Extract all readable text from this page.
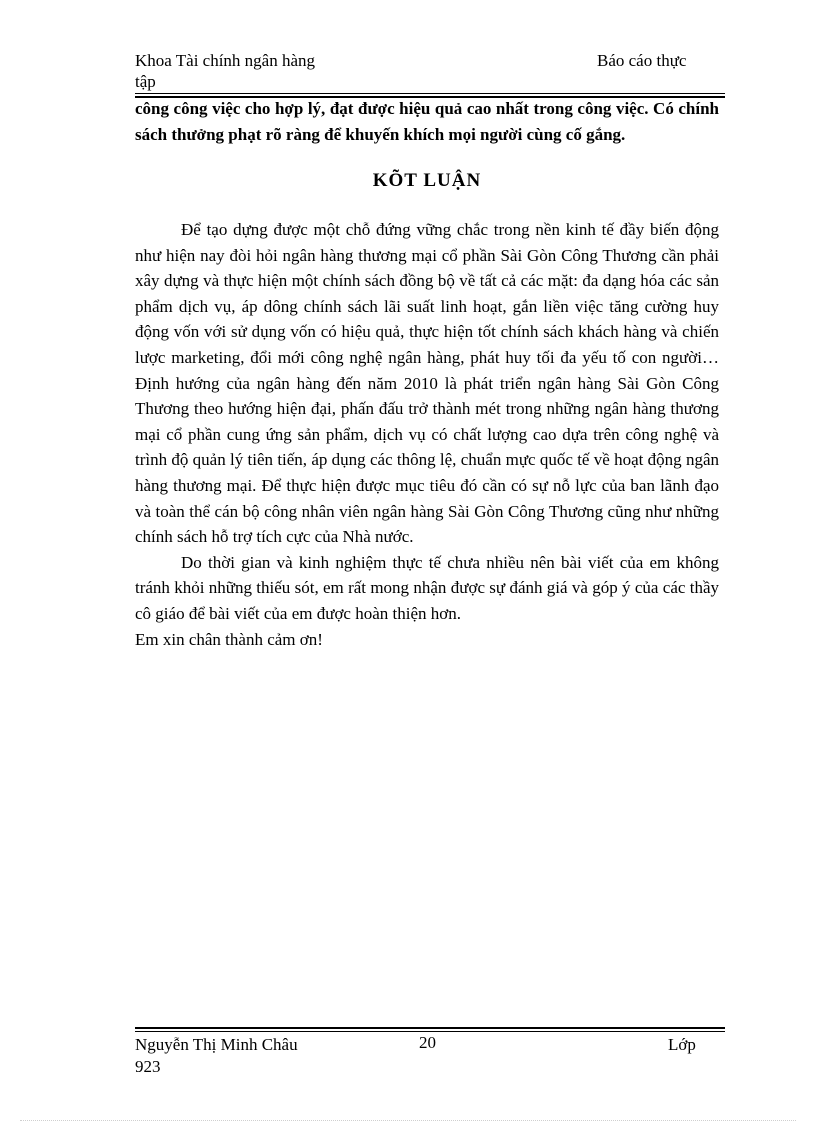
Khoa Tài chính ngân hàng
tập
Báo cáo thực
công công việc cho hợp lý, đạt được hiệu quả cao nhất trong công việc. Có chính sách thưởng phạt rõ ràng để khuyến khích mọi người cùng cố gắng.
KÕT LUẬN

Để tạo dựng được một chỗ đứng vững chắc trong nền kinh tế đầy biến động như hiện nay đòi hỏi ngân hàng thương mại cổ phần Sài Gòn Công Thương cần phải xây dựng và thực hiện một chính sách đồng bộ về tất cả các mặt: đa dạng hóa các sản phẩm dịch vụ, áp dông chính sách lãi suất linh hoạt, gắn liền việc tăng cường huy động vốn với sử dụng vốn có hiệu quả, thực hiện tốt chính sách khách hàng và chiến lược marketing, đổi mới công nghệ ngân hàng, phát huy tối đa yếu tố con người…Định hướng của ngân hàng đến năm 2010 là phát triển ngân hàng Sài Gòn Công Thương theo hướng hiện đại, phấn đấu trở thành mét trong những ngân hàng thương mại cổ phần cung ứng sản phẩm, dịch vụ có chất lượng cao dựa trên công nghệ và trình độ quản lý tiên tiến, áp dụng các thông lệ, chuẩn mực quốc tế về hoạt động ngân hàng thương mại. Để thực hiện được mục tiêu đó cần có sự nỗ lực của ban lãnh đạo và toàn thể cán bộ công nhân viên ngân hàng Sài Gòn Công Thương cũng như những chính sách hỗ trợ tích cực của Nhà nước.

Do thời gian và kinh nghiệm thực tế chưa nhiều nên bài viết của em không tránh khỏi những thiếu sót, em rất mong nhận được sự đánh giá và góp ý của các thầy cô giáo để bài viết của em được hoàn thiện hơn.

Em xin chân thành cảm ơn!

Nguyễn Thị Minh Châu
923
20	Lớp
